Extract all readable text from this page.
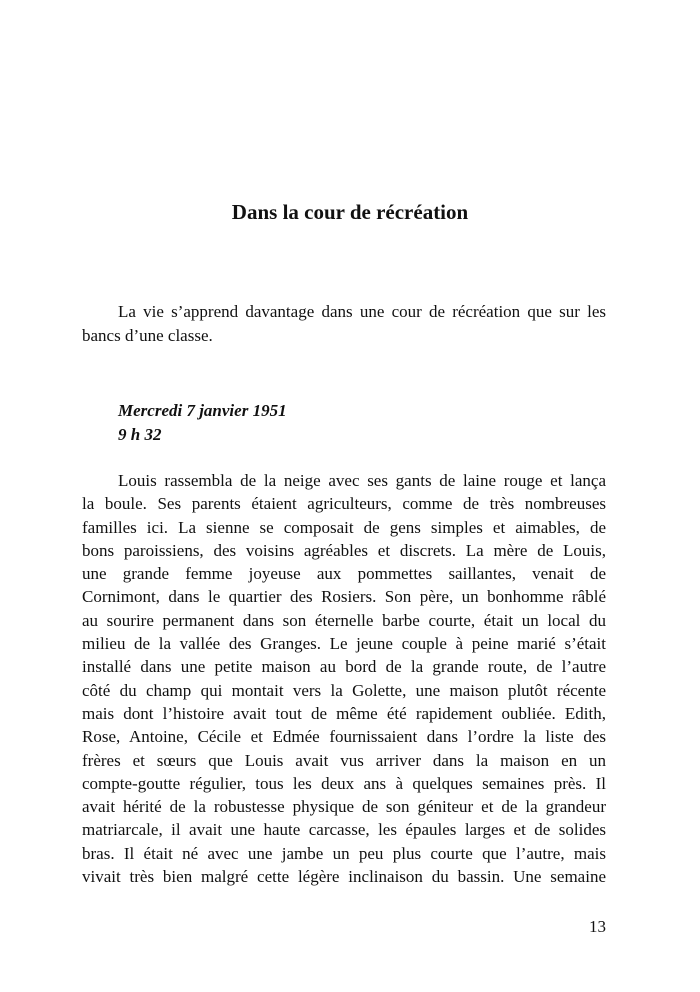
Dans la cour de récréation

La vie s’apprend davantage dans une cour de récréation que sur les bancs d’une classe.

Mercredi 7 janvier 1951
9 h 32
Louis rassembla de la neige avec ses gants de laine rouge et lança
la boule. Ses parents étaient agriculteurs, comme de très nombreuses
familles ici. La sienne se composait de gens simples et aimables, de
bons paroissiens, des voisins agréables et discrets. La mère de Louis,
une grande femme joyeuse aux pommettes saillantes, venait de
Cornimont, dans le quartier des Rosiers. Son père, un bonhomme râblé
au sourire permanent dans son éternelle barbe courte, était un local du
milieu de la vallée des Granges. Le jeune couple à peine marié s’était
installé dans une petite maison au bord de la grande route, de l’autre
côté du champ qui montait vers la Golette, une maison plutôt récente
mais dont l’histoire avait tout de même été rapidement oubliée. Edith,
Rose, Antoine, Cécile et Edmée fournissaient dans l’ordre la liste des
frères et sœurs que Louis avait vus arriver dans la maison en un
compte-goutte régulier, tous les deux ans à quelques semaines près. Il
avait hérité de la robustesse physique de son géniteur et de la grandeur
matriarcale, il avait une haute carcasse, les épaules larges et de solides
bras. Il était né avec une jambe un peu plus courte que l’autre, mais
vivait très bien malgré cette légère inclinaison du bassin. Une semaine
13
